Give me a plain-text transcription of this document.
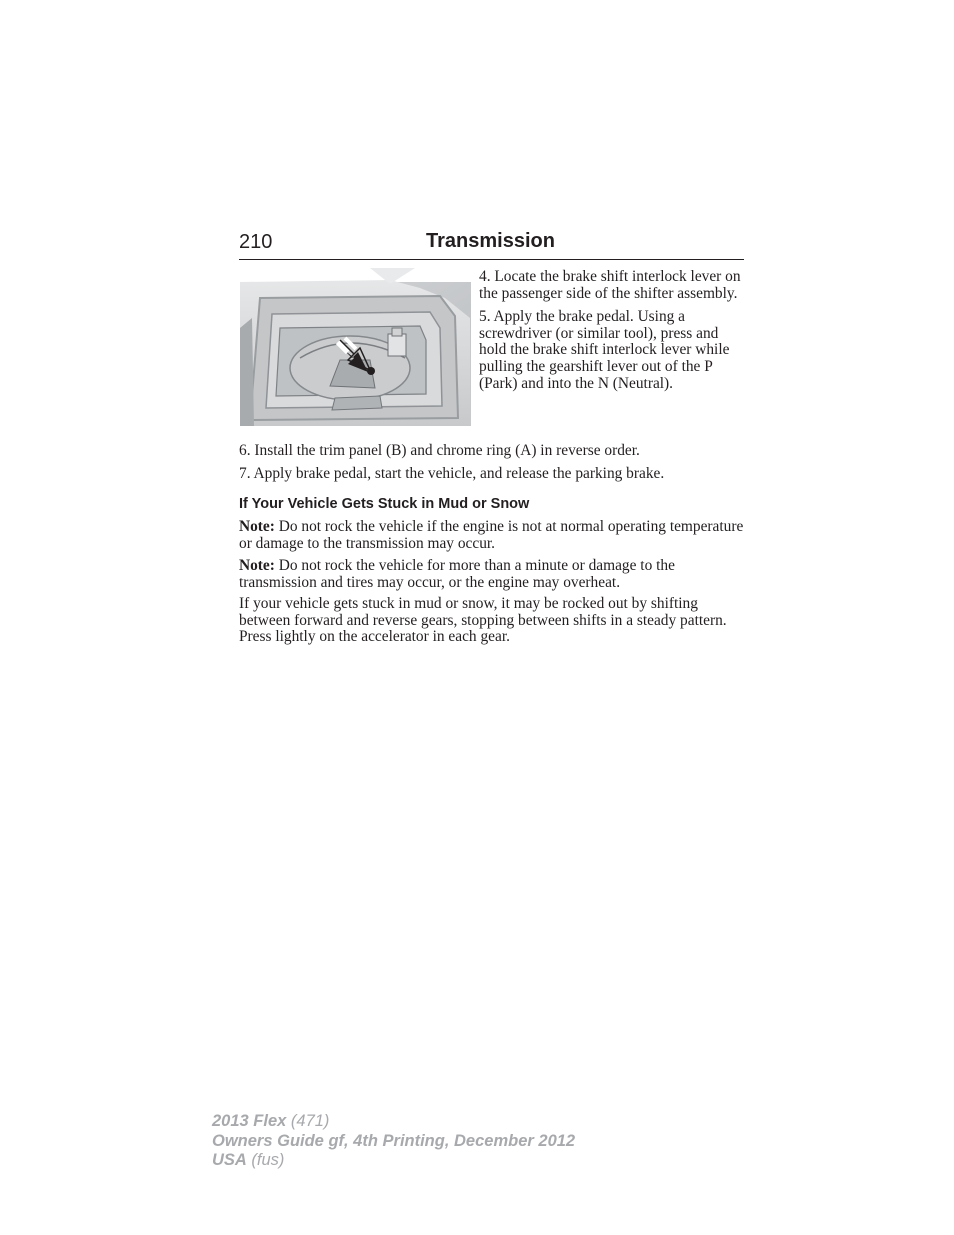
210	Transmission

4. Locate the brake shift interlock lever on the passenger side of the shifter assembly.

5. Apply the brake pedal. Using a screwdriver (or similar tool), press and hold the brake shift interlock lever while pulling the gearshift lever out of the P (Park) and into the N (Neutral).

6. Install the trim panel (B) and chrome ring (A) in reverse order.

7. Apply brake pedal, start the vehicle, and release the parking brake.

If Your Vehicle Gets Stuck in Mud or Snow

Note: Do not rock the vehicle if the engine is not at normal operating temperature or damage to the transmission may occur.

Note: Do not rock the vehicle for more than a minute or damage to the transmission and tires may occur, or the engine may overheat.

If your vehicle gets stuck in mud or snow, it may be rocked out by shifting between forward and reverse gears, stopping between shifts in a steady pattern. Press lightly on the accelerator in each gear.

2013 Flex (471)
Owners Guide gf, 4th Printing, December 2012
USA (fus)
